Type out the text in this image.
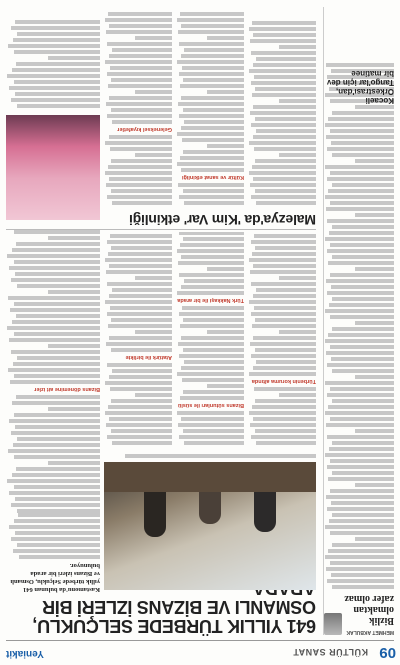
09
KÜLTÜR SANAT
Yeniakit
MEHMET AKBULAK
Bizlik olmaktan zafer olmaz
641 YILLIK TÜRBEDE SELÇUKLU, OSMANLI VE BİZANS İZLERİ BİR

Kastamonu'da bulunan 641 yıllık türbede Selçuklu, Osmanlı ve Bizans izleri bir arada bulunuyor.

Türbenin koruma altında
Bizans sütunları ile süslü
Türk Nakkaşi ile bir arada
Atatürk ile birlikte
Bizans dönemine ait izler
Malezya'da 'Kim Var' etkinliği
Kültür ve sanat etkinliği
Geleneksel kıyafetler
Kocaeli Orkestrası'dan, Tango'lar için dev bir matinee
